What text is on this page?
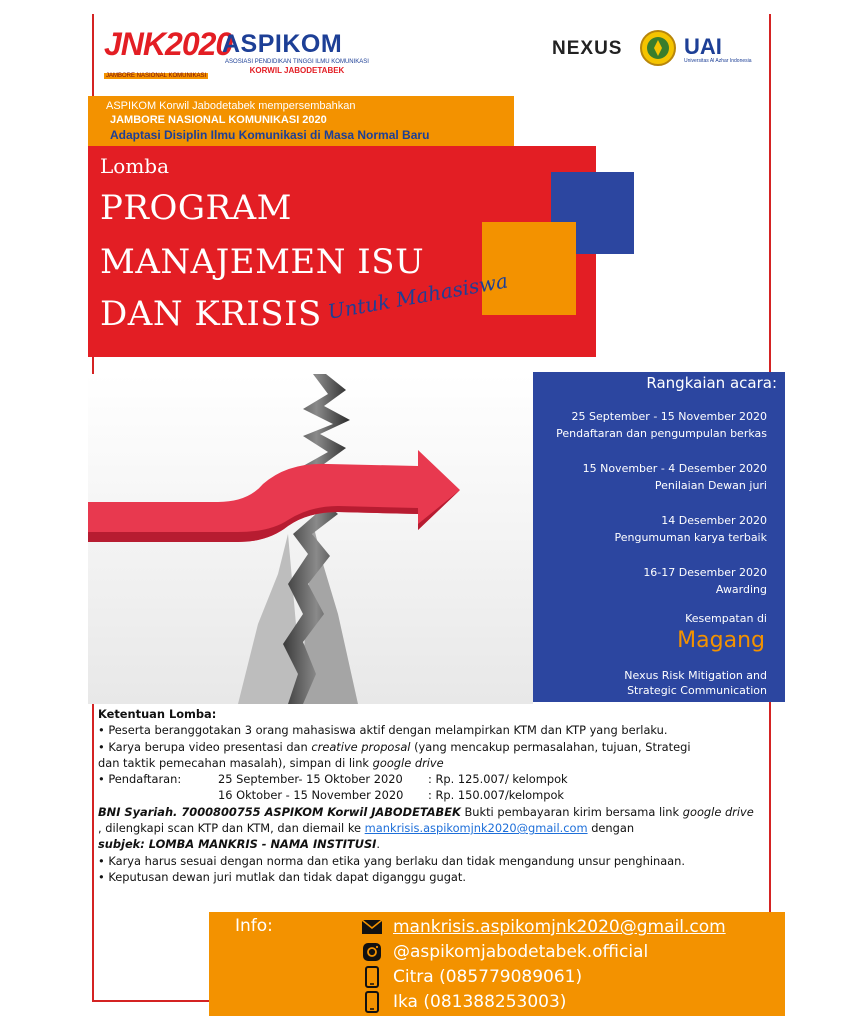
JNK2020
JAMBORE NASIONAL KOMUNIKASI
ASPIKOM
ASOSIASI PENDIDIKAN TINGGI ILMU KOMUNIKASI
KORWIL JABODETABEK
NEXUS	UAI
Universitas Al Azhar Indonesia
ASPIKOM Korwil Jabodetabek mempersembahkan
JAMBORE NASIONAL KOMUNIKASI 2020
Adaptasi Disiplin Ilmu Komunikasi di Masa Normal Baru
Lomba
PROGRAM
MANAJEMEN ISU
DAN KRISIS Untuk Mahasiswa
Rangkaian acara:
25 September - 15 November 2020
Pendaftaran dan pengumpulan berkas
15 November - 4 Desember 2020
Penilaian Dewan juri
14 Desember 2020
Pengumuman karya terbaik
16-17 Desember 2020
Awarding
Kesempatan di
Magang
Nexus Risk Mitigation and
Strategic Communication

Ketentuan Lomba:

• Peserta beranggotakan 3 orang mahasiswa aktif dengan melampirkan KTM dan KTP yang berlaku.

• Karya berupa video presentasi dan creative proposal (yang mencakup permasalahan, tujuan, Strategi

dan taktik pemecahan masalah), simpan di link google drive

• Pendaftaran:	25 September- 15 Oktober 2020	: Rp. 125.007/ kelompok
16 Oktober - 15 November 2020	: Rp. 150.007/kelompok

BNI Syariah. 7000800755 ASPIKOM Korwil JABODETABEK Bukti pembayaran kirim bersama link google drive

, dilengkapi scan KTP dan KTM, dan diemail ke mankrisis.aspikomjnk2020@gmail.com dengan

subjek: LOMBA MANKRIS - NAMA INSTITUSI.

• Karya harus sesuai dengan norma dan etika yang berlaku dan tidak mengandung unsur penghinaan.

• Keputusan dewan juri mutlak dan tidak dapat diganggu gugat.

Info:	mankrisis.aspikomjnk2020@gmail.com
@aspikomjabodetabek.official
Citra (085779089061)
Ika (081388253003)
